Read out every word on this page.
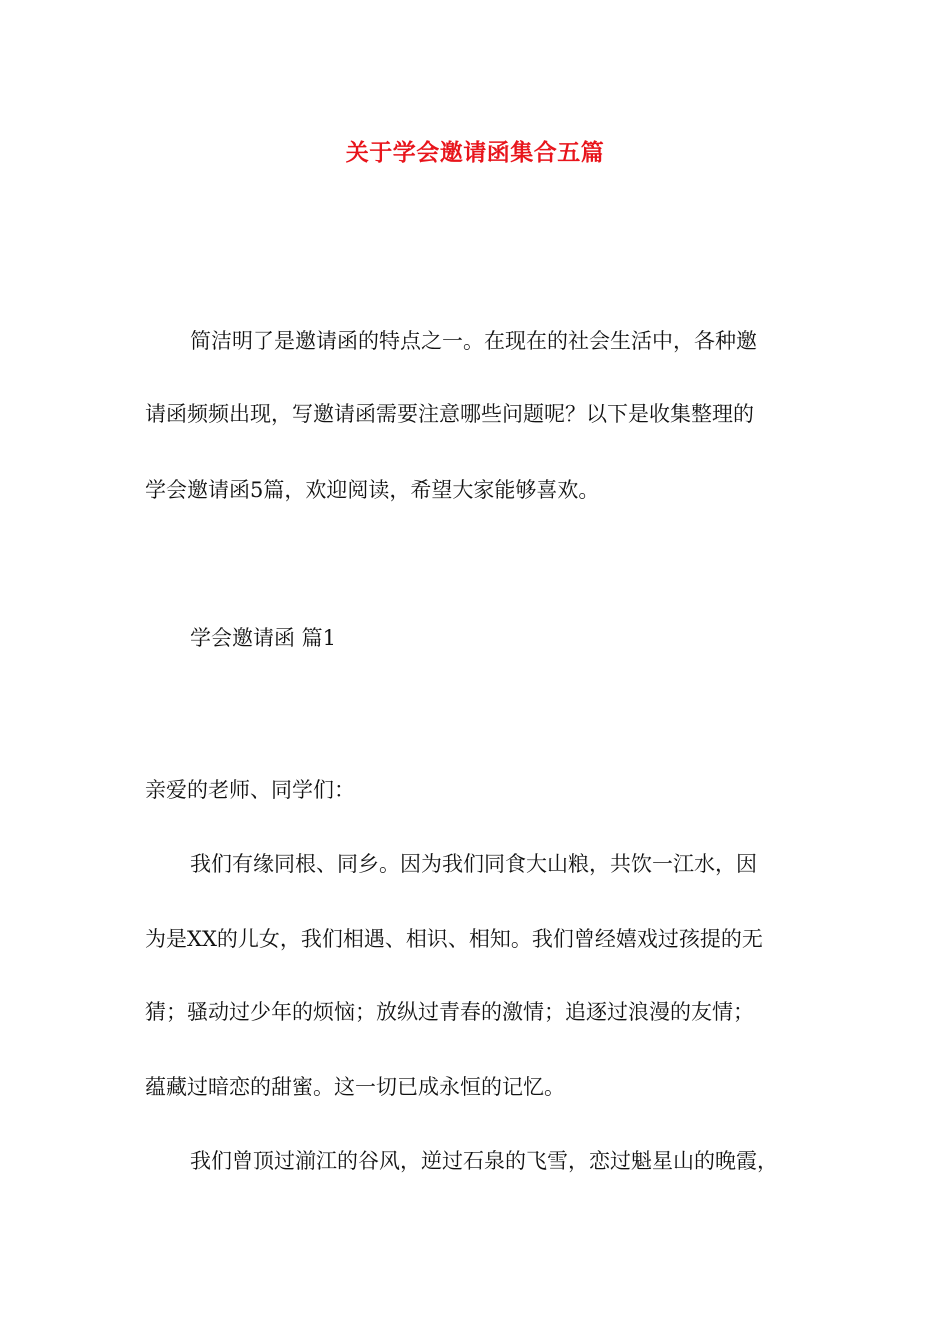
关于学会邀请函集合五篇
简洁明了是邀请函的特点之一。在现在的社会生活中，各种邀
请函频频出现，写邀请函需要注意哪些问题呢？以下是收集整理的
学会邀请函5篇，欢迎阅读，希望大家能够喜欢。
学会邀请函 篇1
亲爱的老师、同学们：
我们有缘同根、同乡。因为我们同食大山粮，共饮一江水，因
为是XX的儿女，我们相遇、相识、相知。我们曾经嬉戏过孩提的无
猜；骚动过少年的烦恼；放纵过青春的激情；追逐过浪漫的友情；
蕴藏过暗恋的甜蜜。这一切已成永恒的记忆。
我们曾顶过湔江的谷风，逆过石泉的飞雪，恋过魁星山的晚霞，
